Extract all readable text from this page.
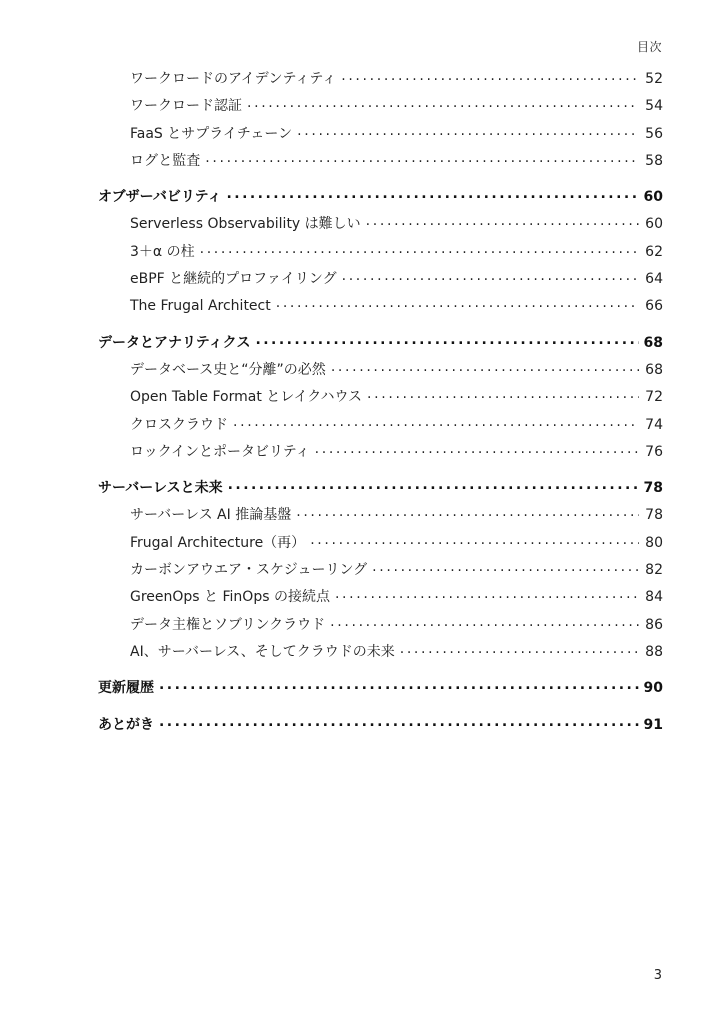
目次
ワークロードのアイデンティティ . . .	52
ワークロード認証 . . .	54
FaaS とサプライチェーン . . .	56
ログと監査 . . .	58
オブザーバビリティ . . .	60
Serverless Observability は難しい . . .	60
3＋α の柱 . . .	62
eBPF と継続的プロファイリング . . .	64
The Frugal Architect . . .	66
データとアナリティクス . . .	68
データベース史と“分離”の必然 . . .	68
Open Table Format とレイクハウス . . .	72
クロスクラウド . . .	74
ロックインとポータビリティ . . .	76
サーバーレスと未来 . . .	78
サーバーレス AI 推論基盤 . . .	78
Frugal Architecture（再） . . .	80
カーボンアウエア・スケジューリング . . .	82
GreenOps と FinOps の接続点 . . .	84
データ主権とソブリンクラウド . . .	86
AI、サーバーレス、そしてクラウドの未来 . . .	88
更新履歴 . . .	90
あとがき . . .	91
3
